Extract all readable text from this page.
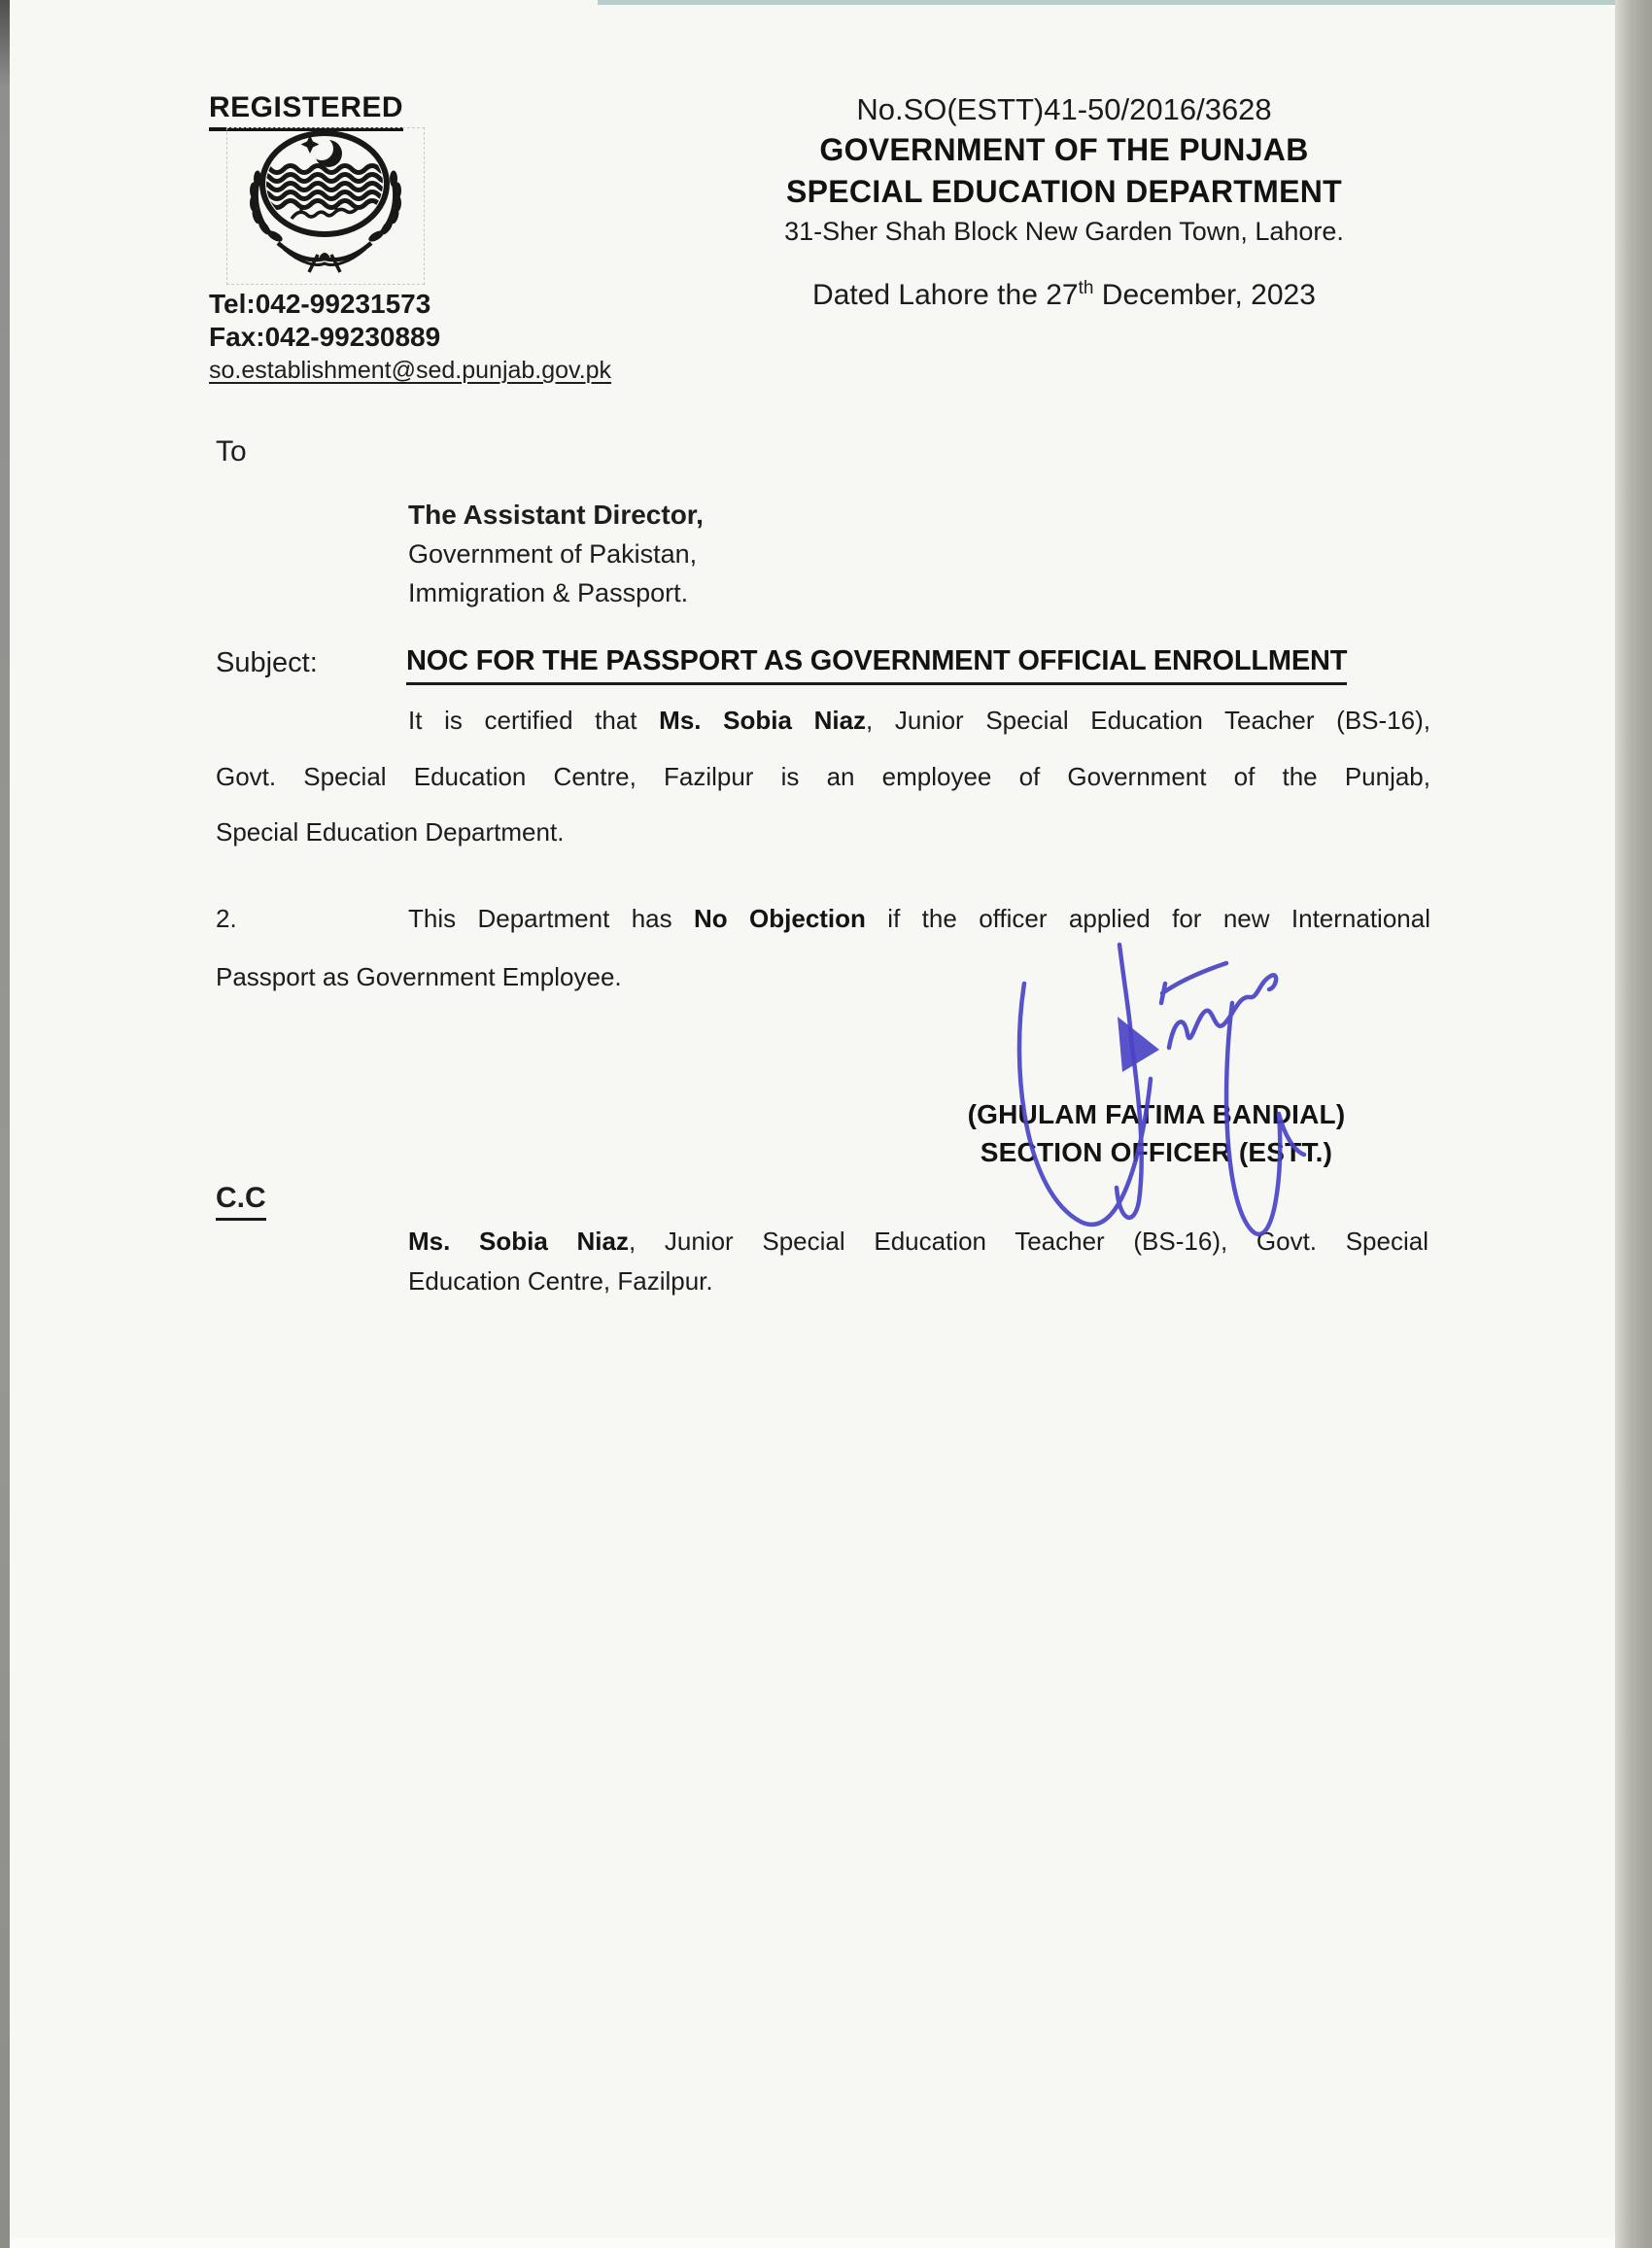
REGISTERED
Tel:042-99231573
Fax:042-99230889
so.establishment@sed.punjab.gov.pk
No.SO(ESTT)41-50/2016/3628
GOVERNMENT OF THE PUNJAB
SPECIAL EDUCATION DEPARTMENT
31-Sher Shah Block New Garden Town, Lahore.
Dated Lahore the 27th December, 2023
To
The Assistant Director,
Government of Pakistan,
Immigration & Passport.
Subject:	NOC FOR THE PASSPORT AS GOVERNMENT OFFICIAL ENROLLMENT
It is certified that Ms. Sobia Niaz, Junior Special Education Teacher (BS-16),
Govt. Special Education Centre, Fazilpur is an employee of Government of the Punjab,
Special Education Department.
2.	This Department has No Objection if the officer applied for new International
Passport as Government Employee.
(GHULAM FATIMA BANDIAL)
SECTION OFFICER (ESTT.)
C.C
Ms. Sobia Niaz, Junior Special Education Teacher (BS-16), Govt. Special
Education Centre, Fazilpur.
